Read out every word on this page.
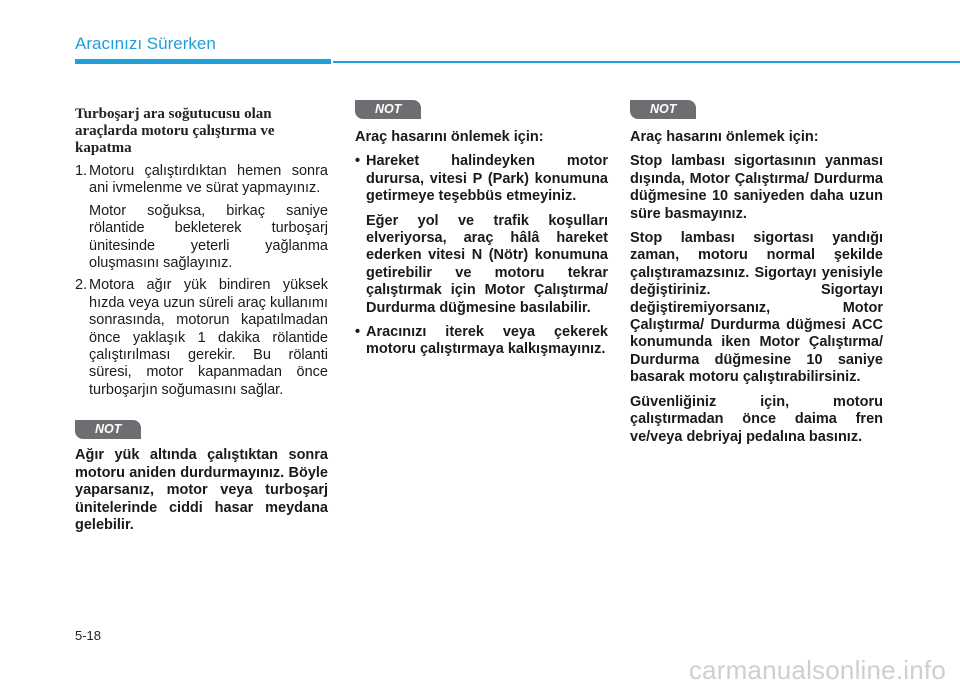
Aracınızı Sürerken
Turboşarj ara soğutucusu olan araçlarda motoru çalıştırma ve kapatma
1. Motoru çalıştırdıktan hemen sonra ani ivmelenme ve sürat yapmayınız.

Motor soğuksa, birkaç saniye rölantide bekleterek turboşarj ünitesinde yeterli yağlanma oluşmasını sağlayınız.

2. Motora ağır yük bindiren yüksek hızda veya uzun süreli araç kullanımı sonrasında, motorun kapatılmadan önce yaklaşık 1 dakika rölantide çalıştırılması gerekir. Bu rölanti süresi, motor kapanmadan önce turboşarjın soğumasını sağlar.
NOT

Ağır yük altında çalıştıktan sonra motoru aniden durdurmayınız. Böyle yaparsanız, motor veya turboşarj ünitelerinde ciddi hasar meydana gelebilir.

NOT

Araç hasarını önlemek için:

• Hareket halindeyken motor durursa, vitesi P (Park) konumuna getirmeye teşebbüs etmeyiniz.

Eğer yol ve trafik koşulları elveriyorsa, araç hâlâ hareket ederken vitesi N (Nötr) konumuna getirebilir ve motoru tekrar çalıştırmak için Motor Çalıştırma/ Durdurma düğmesine basılabilir.

• Aracınızı iterek veya çekerek motoru çalıştırmaya kalkışmayınız.
NOT

Araç hasarını önlemek için:

Stop lambası sigortasının yanması dışında, Motor Çalıştırma/ Durdurma düğmesine 10 saniyeden daha uzun süre basmayınız.

Stop lambası sigortası yandığı zaman, motoru normal şekilde çalıştıramazsınız. Sigortayı yenisiyle değiştiriniz. Sigortayı değiştiremiyorsanız, Motor Çalıştırma/ Durdurma düğmesi ACC konumunda iken Motor Çalıştırma/ Durdurma düğmesine 10 saniye basarak motoru çalıştırabilirsiniz.

Güvenliğiniz için, motoru çalıştırmadan önce daima fren ve/veya debriyaj pedalına basınız.

5-18
carmanualsonline.info
